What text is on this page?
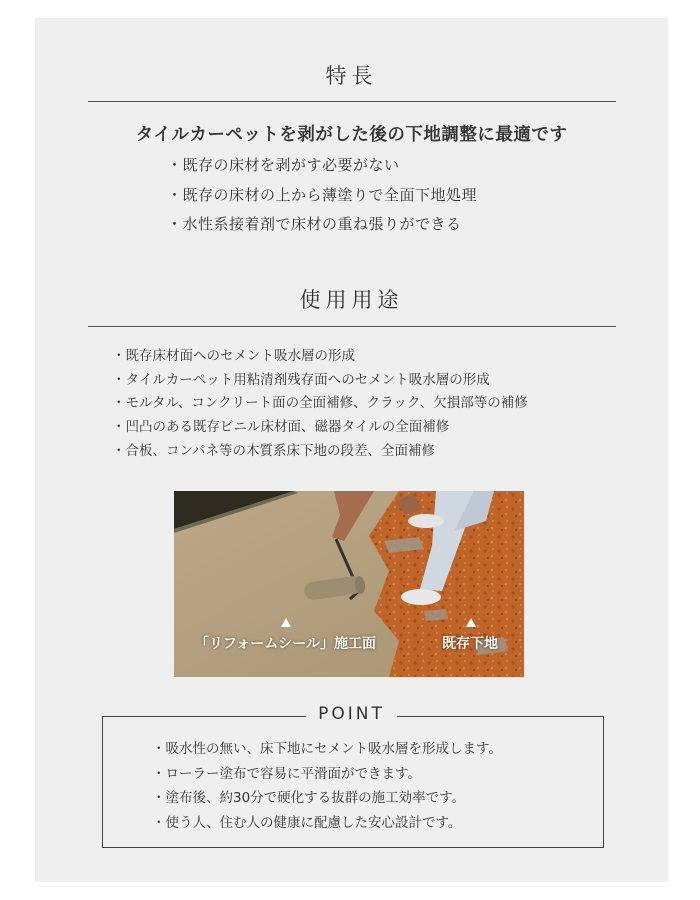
特長
タイルカーペットを剥がした後の下地調整に最適です
・既存の床材を剥がす必要がない
・既存の床材の上から薄塗りで全面下地処理
・水性系接着剤で床材の重ね張りができる
使用用途
・既存床材面へのセメント吸水層の形成
・タイルカーペット用粘清剤残存面へのセメント吸水層の形成
・モルタル、コンクリート面の全面補修、クラック、欠損部等の補修
・凹凸のある既存ビニル床材面、磁器タイルの全面補修
・合板、コンパネ等の木質系床下地の段差、全面補修
「リフォームシール」施工面	既存下地
POINT
・吸水性の無い、床下地にセメント吸水層を形成します。
・ローラー塗布で容易に平滑面ができます。
・塗布後、約30分で硬化する抜群の施工効率です。
・使う人、住む人の健康に配慮した安心設計です。
